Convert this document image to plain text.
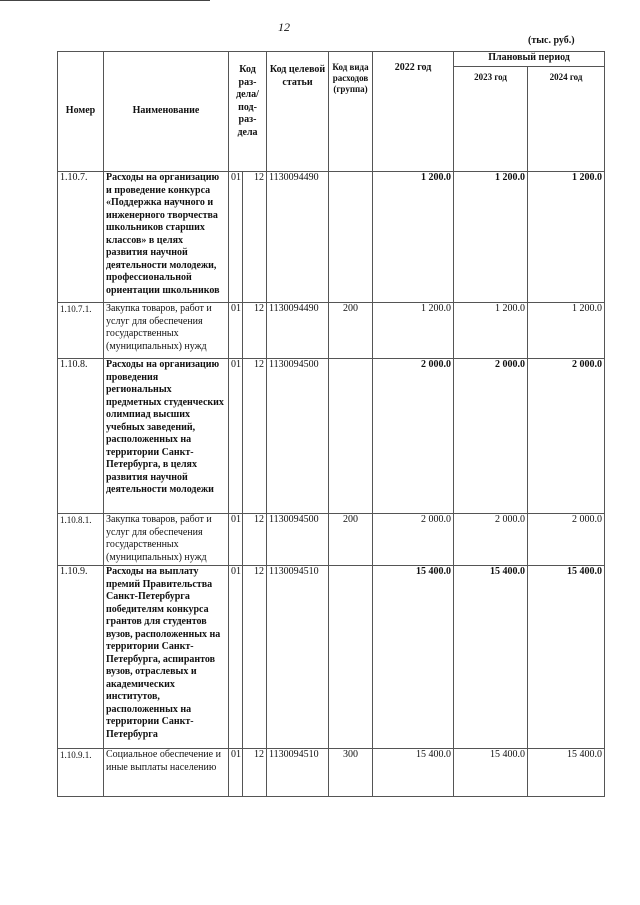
12
(тыс. руб.)
Номер	Наименование	Код раз-дела/ под-раз-дела		Код целевой статьи	Код вида расходов (группа)	2022 год	Плановый период	
							2023 год	2024 год
1.10.7.	Расходы на организацию и проведение конкурса «Поддержка научного и инженерного творчества школьников старших классов» в целях развития научной деятельности молодежи, профессиональной ориентации школьников	01	12	1130094490		1 200.0	1 200.0	1 200.0
1.10.7.1.	Закупка товаров, работ и услуг для обеспечения государственных (муниципальных) нужд	01	12	1130094490	200	1 200.0	1 200.0	1 200.0
1.10.8.	Расходы на организацию проведения региональных предметных студенческих олимпиад высших учебных заведений, расположенных на территории Санкт-Петербурга, в целях развития научной деятельности молодежи	01	12	1130094500		2 000.0	2 000.0	2 000.0
1.10.8.1.	Закупка товаров, работ и услуг для обеспечения государственных (муниципальных) нужд	01	12	1130094500	200	2 000.0	2 000.0	2 000.0
1.10.9.	Расходы на выплату премий Правительства Санкт-Петербурга победителям конкурса грантов для студентов вузов, расположенных на территории Санкт-Петербурга, аспирантов вузов, отраслевых и академических институтов, расположенных на территории Санкт-Петербурга	01	12	1130094510		15 400.0	15 400.0	15 400.0
1.10.9.1.	Социальное обеспечение и иные выплаты населению	01	12	1130094510	300	15 400.0	15 400.0	15 400.0
